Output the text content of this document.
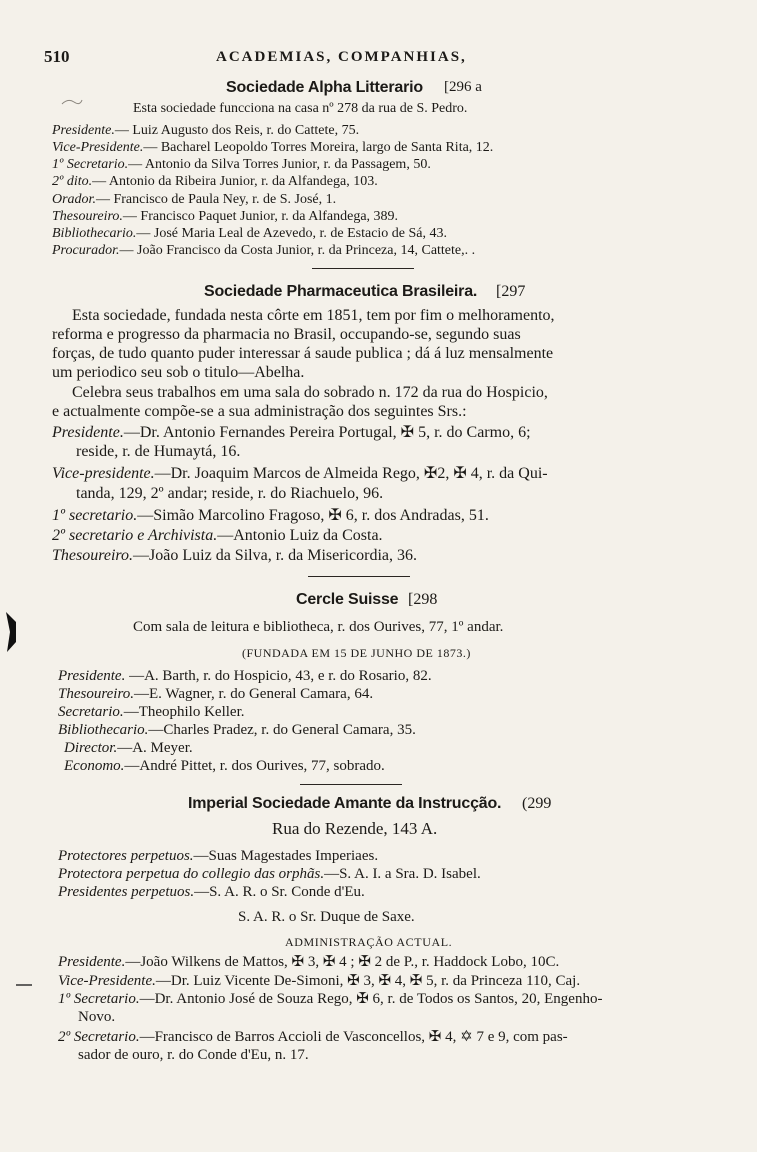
510	ACADEMIAS, COMPANHIAS,
Sociedade Alpha Litterario [296 a
Esta sociedade funcciona na casa nº 278 da rua de S. Pedro.
Presidente.— Luiz Augusto dos Reis, r. do Cattete, 75.
Vice-Presidente.— Bacharel Leopoldo Torres Moreira, largo de Santa Rita, 12.
1º Secretario.— Antonio da Silva Torres Junior, r. da Passagem, 50.
2º dito.— Antonio da Ribeira Junior, r. da Alfandega, 103.
Orador.— Francisco de Paula Ney, r. de S. José, 1.
Thesoureiro.— Francisco Paquet Junior, r. da Alfandega, 389.
Bibliothecario.— José Maria Leal de Azevedo, r. de Estacio de Sá, 43.
Procurador.— João Francisco da Costa Junior, r. da Princeza, 14, Cattete,. .
Sociedade Pharmaceutica Brasileira. [297
Esta sociedade, fundada nesta côrte em 1851, tem por fim o melhoramento,
reforma e progresso da pharmacia no Brasil, occupando-se, segundo suas
forças, de tudo quanto puder interessar á saude publica ; dá á luz mensalmente
um periodico seu sob o titulo—Abelha.
Celebra seus trabalhos em uma sala do sobrado n. 172 da rua do Hospicio,
e actualmente compõe-se a sua administração dos seguintes Srs.:
Presidente.—Dr. Antonio Fernandes Pereira Portugal, ✠ 5, r. do Carmo, 6;
reside, r. de Humaytá, 16.
Vice-presidente.—Dr. Joaquim Marcos de Almeida Rego, ✠2, ✠ 4, r. da Qui-
tanda, 129, 2º andar; reside, r. do Riachuelo, 96.
1º secretario.—Simão Marcolino Fragoso, ✠ 6, r. dos Andradas, 51.
2º secretario e Archivista.—Antonio Luiz da Costa.
Thesoureiro.—João Luiz da Silva, r. da Misericordia, 36.
Cercle Suisse [298
Com sala de leitura e bibliotheca, r. dos Ourives, 77, 1º andar.
(FUNDADA EM 15 DE JUNHO DE 1873.)
Presidente. —A. Barth, r. do Hospicio, 43, e r. do Rosario, 82.
Thesoureiro.—E. Wagner, r. do General Camara, 64.
Secretario.—Theophilo Keller.
Bibliothecario.—Charles Pradez, r. do General Camara, 35.
Director.—A. Meyer.
Economo.—André Pittet, r. dos Ourives, 77, sobrado.
Imperial Sociedade Amante da Instrucção. (299
Rua do Rezende, 143 A.
Protectores perpetuos.—Suas Magestades Imperiaes.
Protectora perpetua do collegio das orphãs.—S. A. I. a Sra. D. Isabel.
Presidentes perpetuos.—S. A. R. o Sr. Conde d'Eu.
S. A. R. o Sr. Duque de Saxe.
ADMINISTRAÇÃO ACTUAL.
Presidente.—João Wilkens de Mattos, ✠ 3, ✠ 4 ; ✠ 2 de P., r. Haddock Lobo, 10C.
Vice-Presidente.—Dr. Luiz Vicente De-Simoni, ✠ 3, ✠ 4, ✠ 5, r. da Princeza 110, Caj.
1º Secretario.—Dr. Antonio José de Souza Rego, ✠ 6, r. de Todos os Santos, 20, Engenho-
Novo.
2º Secretario.—Francisco de Barros Accioli de Vasconcellos, ✠ 4, ✡ 7 e 9, com pas-
sador de ouro, r. do Conde d'Eu, n. 17.
